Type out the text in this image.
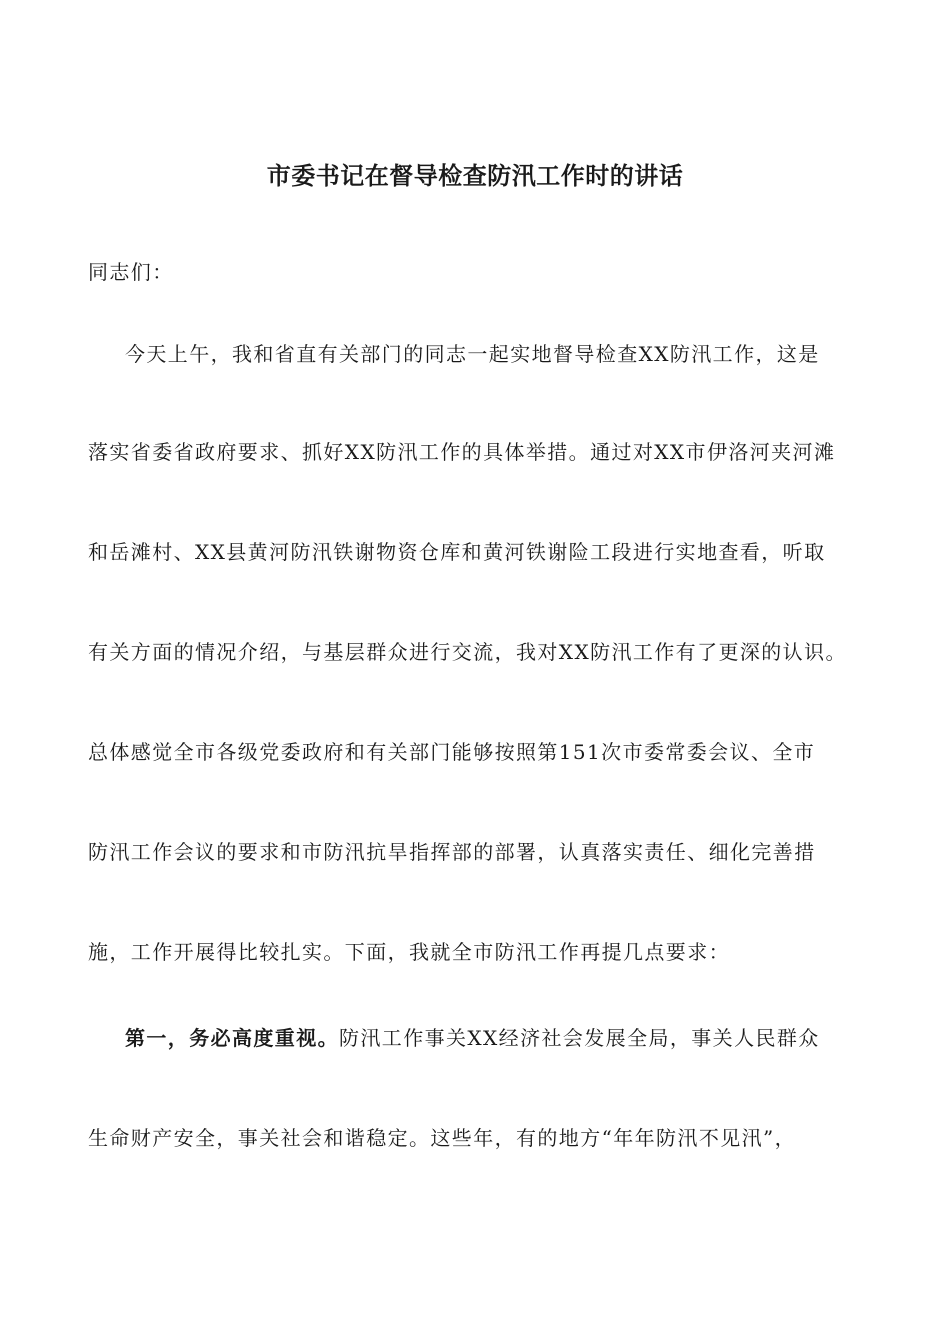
市委书记在督导检查防汛工作时的讲话

同志们：

今天上午，我和省直有关部门的同志一起实地督导检查XX防汛工作，这是

落实省委省政府要求、抓好XX防汛工作的具体举措。通过对XX市伊洛河夹河滩

和岳滩村、XX县黄河防汛铁谢物资仓库和黄河铁谢险工段进行实地查看，听取

有关方面的情况介绍，与基层群众进行交流，我对XX防汛工作有了更深的认识。

总体感觉全市各级党委政府和有关部门能够按照第151次市委常委会议、全市

防汛工作会议的要求和市防汛抗旱指挥部的部署，认真落实责任、细化完善措

施，工作开展得比较扎实。下面，我就全市防汛工作再提几点要求：

第一，务必高度重视。防汛工作事关XX经济社会发展全局，事关人民群众

生命财产安全，事关社会和谐稳定。这些年，有的地方“年年防汛不见汛”，
